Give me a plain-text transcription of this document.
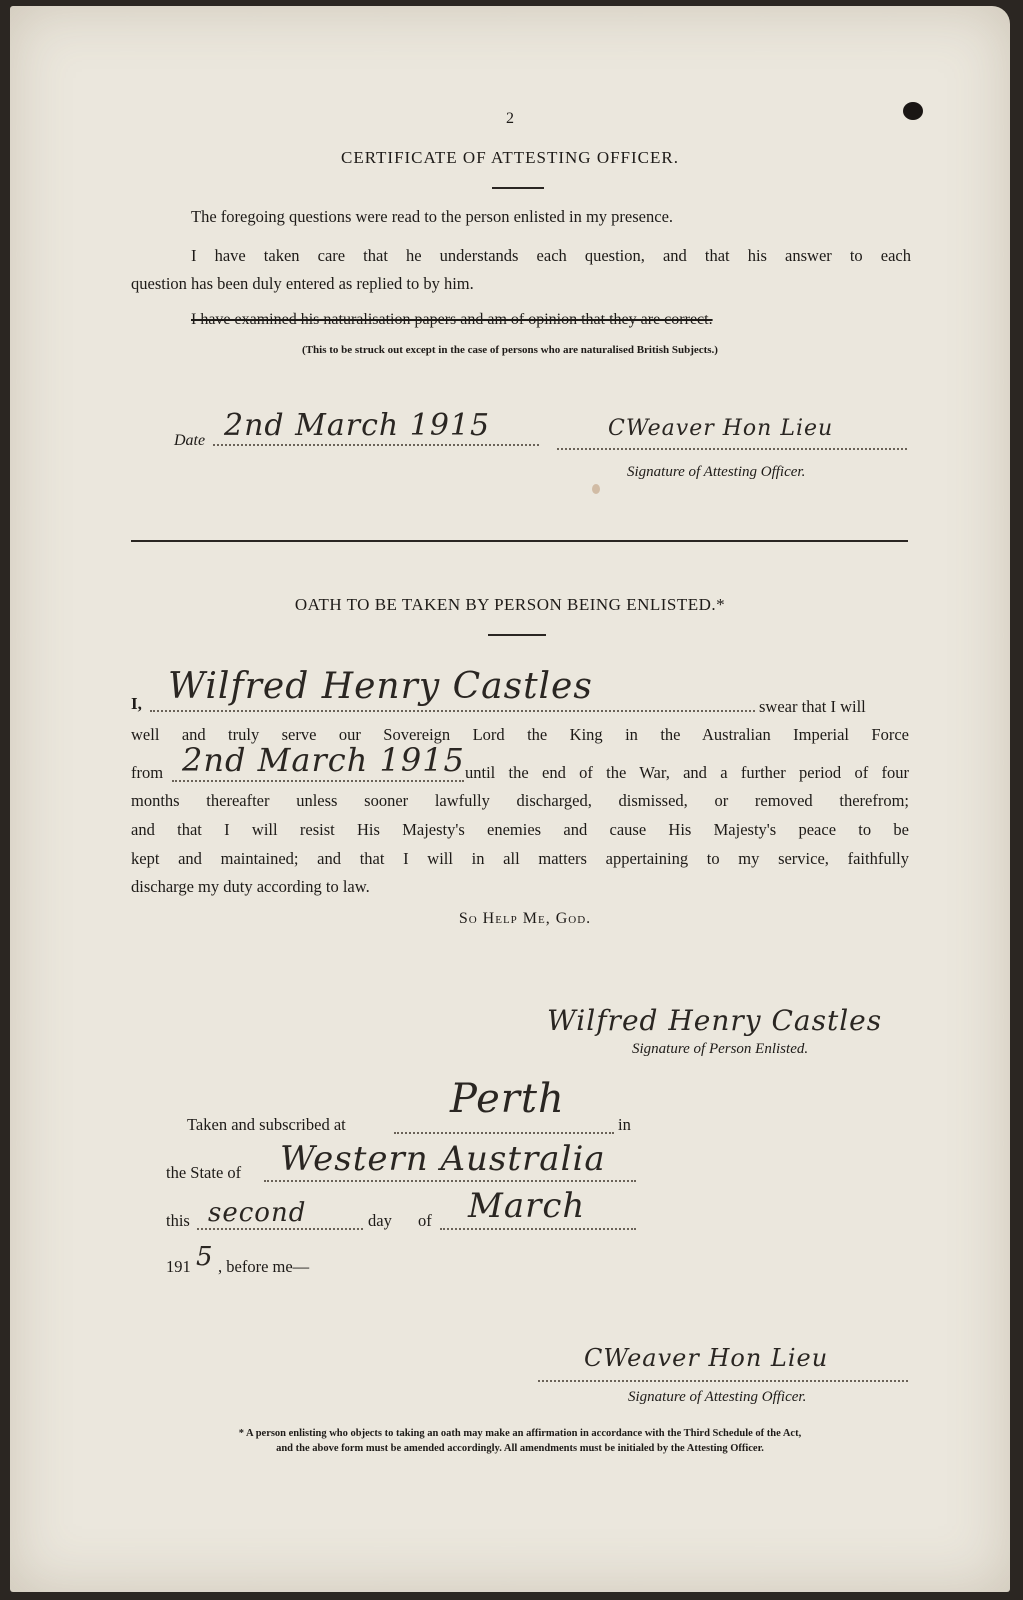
2
CERTIFICATE OF ATTESTING OFFICER.
The foregoing questions were read to the person enlisted in my presence.
I have taken care that he understands each question, and that his answer to each
question has been duly entered as replied to by him.
I have examined his naturalisation papers and am of opinion that they are correct.
(This to be struck out except in the case of persons who are naturalised British Subjects.)
Date 2nd March 1915	CWeaver Hon Lieu
Signature of Attesting Officer.
OATH TO BE TAKEN BY PERSON BEING ENLISTED.*
I, Wilfred Henry Castles	swear that I will
well and truly serve our Sovereign Lord the King in the Australian Imperial Force
from 2nd March 1915 until the end of the War, and a further period of four
months thereafter unless sooner lawfully discharged, dismissed, or removed therefrom;
and that I will resist His Majesty's enemies and cause His Majesty's peace to be
kept and maintained; and that I will in all matters appertaining to my service, faithfully
discharge my duty according to law.
So Help Me, God.
Wilfred Henry Castles
Signature of Person Enlisted.
Taken and subscribed at
Perth
in
the State of Western Australia
this second	day of March
191 5 , before me—
CWeaver Hon Lieu
Signature of Attesting Officer.
* A person enlisting who objects to taking an oath may make an affirmation in accordance with the Third Schedule of the Act,
and the above form must be amended accordingly. All amendments must be initialed by the Attesting Officer.
